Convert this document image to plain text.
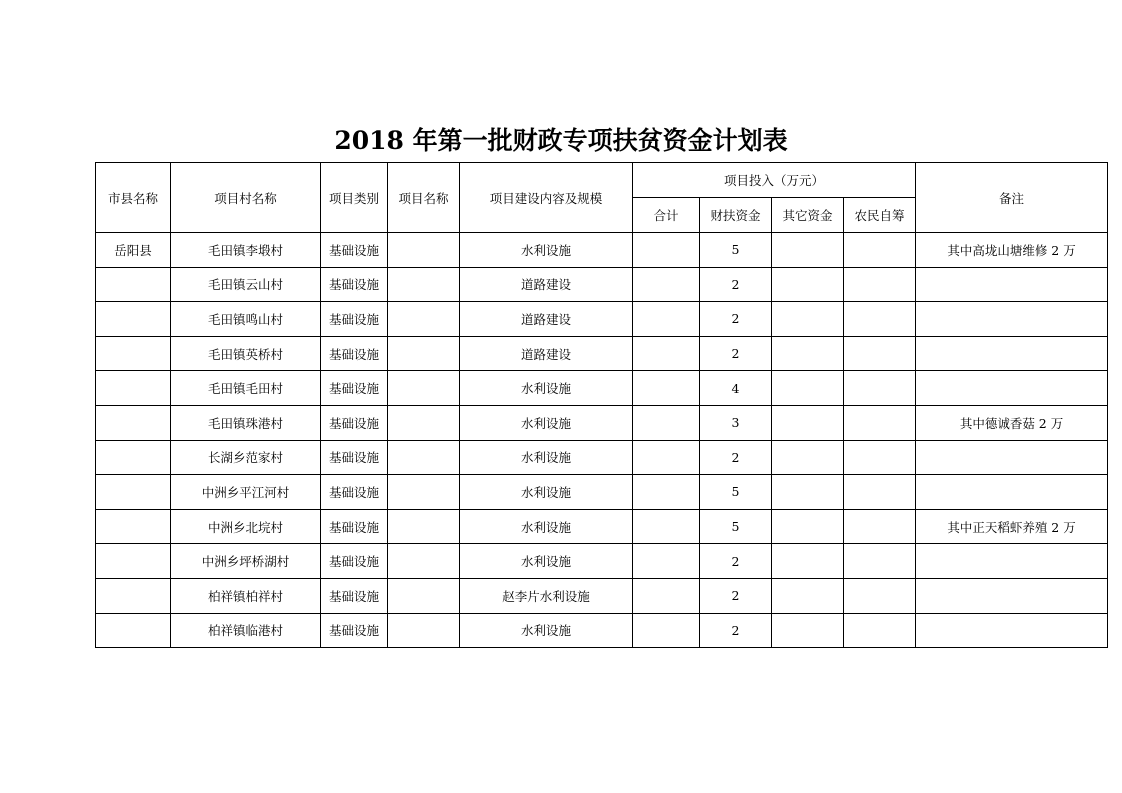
2018 年第一批财政专项扶贫资金计划表
市县名称	项目村名称	项目类别	项目名称	项目建设内容及规模	项目投入（万元）				备注
					合计	财扶资金	其它资金	农民自筹	
岳阳县	毛田镇李塅村	基础设施		水利设施		5			其中高垅山塘维修 2 万
	毛田镇云山村	基础设施		道路建设		2			
	毛田镇鸣山村	基础设施		道路建设		2			
	毛田镇英桥村	基础设施		道路建设		2			
	毛田镇毛田村	基础设施		水利设施		4			
	毛田镇珠港村	基础设施		水利设施		3			其中德诚香菇 2 万
	长湖乡范家村	基础设施		水利设施		2			
	中洲乡平江河村	基础设施		水利设施		5			
	中洲乡北垸村	基础设施		水利设施		5			其中正天稻虾养殖 2 万
	中洲乡坪桥湖村	基础设施		水利设施		2			
	柏祥镇柏祥村	基础设施		赵李片水利设施		2			
	柏祥镇临港村	基础设施		水利设施		2			
